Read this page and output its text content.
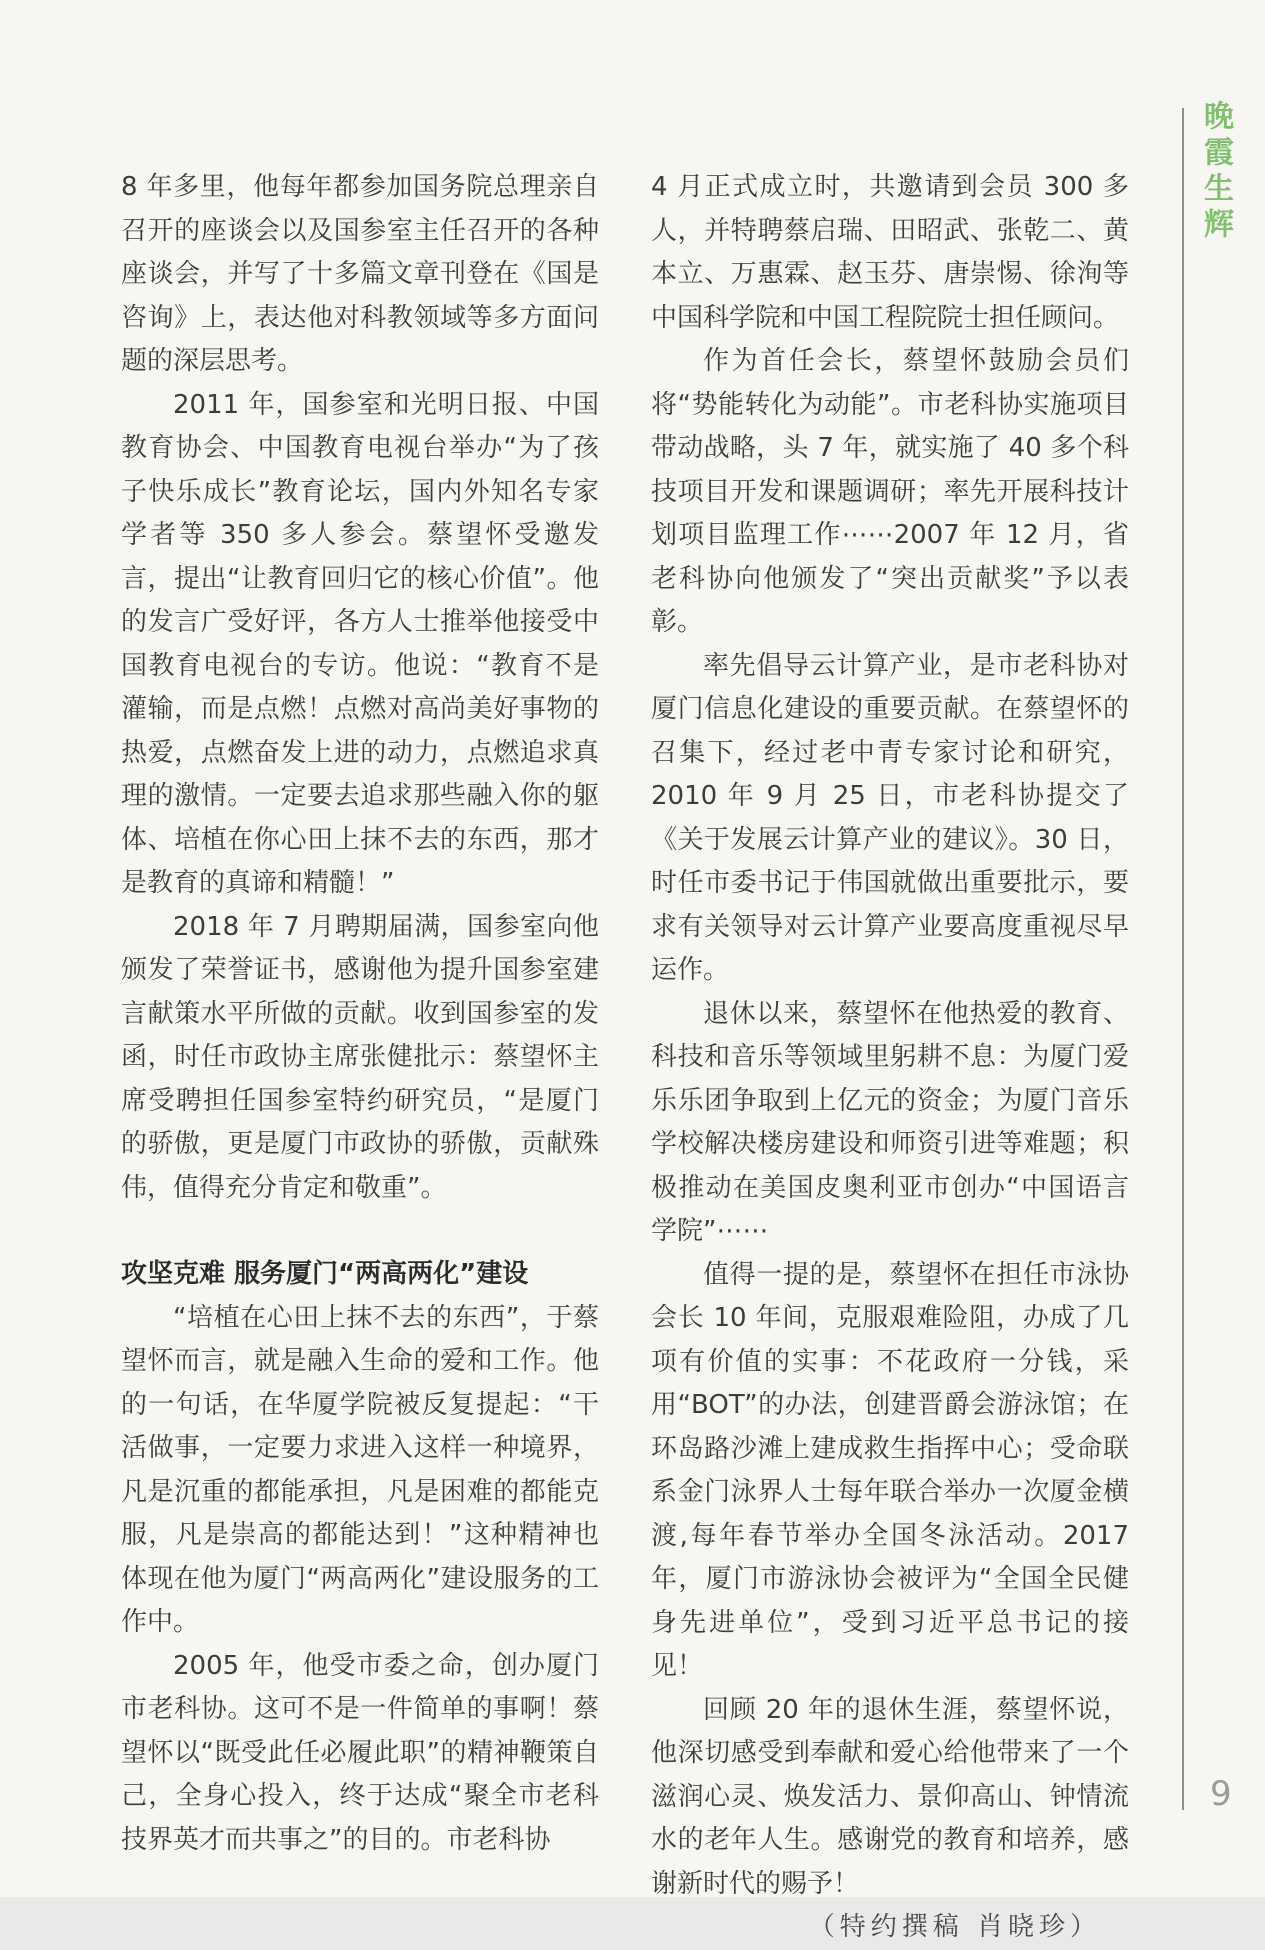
8 年多里，他每年都参加国务院总理亲自召开的座谈会以及国参室主任召开的各种座谈会，并写了十多篇文章刊登在《国是咨询》上，表达他对科教领域等多方面问题的深层思考。

2011 年，国参室和光明日报、中国教育协会、中国教育电视台举办“为了孩子快乐成长”教育论坛，国内外知名专家学者等 350 多人参会。蔡望怀受邀发言，提出“让教育回归它的核心价值”。他的发言广受好评，各方人士推举他接受中国教育电视台的专访。他说：“教育不是灌输，而是点燃！点燃对高尚美好事物的热爱，点燃奋发上进的动力，点燃追求真理的激情。一定要去追求那些融入你的躯体、培植在你心田上抹不去的东西，那才是教育的真谛和精髓！”

2018 年 7 月聘期届满，国参室向他颁发了荣誉证书，感谢他为提升国参室建言献策水平所做的贡献。收到国参室的发函，时任市政协主席张健批示：蔡望怀主席受聘担任国参室特约研究员，“是厦门的骄傲，更是厦门市政协的骄傲，贡献殊伟，值得充分肯定和敬重”。

攻坚克难 服务厦门“两高两化”建设

“培植在心田上抹不去的东西”，于蔡望怀而言，就是融入生命的爱和工作。他的一句话，在华厦学院被反复提起：“干活做事，一定要力求进入这样一种境界，凡是沉重的都能承担，凡是困难的都能克服，凡是崇高的都能达到！”这种精神也体现在他为厦门“两高两化”建设服务的工作中。

2005 年，他受市委之命，创办厦门市老科协。这可不是一件简单的事啊！蔡望怀以“既受此任必履此职”的精神鞭策自己，全身心投入，终于达成“聚全市老科技界英才而共事之”的目的。市老科协

4 月正式成立时，共邀请到会员 300 多人，并特聘蔡启瑞、田昭武、张乾二、黄本立、万惠霖、赵玉芬、唐崇惕、徐洵等中国科学院和中国工程院院士担任顾问。

作为首任会长，蔡望怀鼓励会员们将“势能转化为动能”。市老科协实施项目带动战略，头 7 年，就实施了 40 多个科技项目开发和课题调研；率先开展科技计划项目监理工作⋯⋯2007 年 12 月，省老科协向他颁发了“突出贡献奖”予以表彰。

率先倡导云计算产业，是市老科协对厦门信息化建设的重要贡献。在蔡望怀的召集下，经过老中青专家讨论和研究，2010 年 9 月 25 日，市老科协提交了《关于发展云计算产业的建议》。30 日，时任市委书记于伟国就做出重要批示，要求有关领导对云计算产业要高度重视尽早运作。

退休以来，蔡望怀在他热爱的教育、科技和音乐等领域里躬耕不息：为厦门爱乐乐团争取到上亿元的资金；为厦门音乐学校解决楼房建设和师资引进等难题；积极推动在美国皮奥利亚市创办“中国语言学院”⋯⋯

值得一提的是，蔡望怀在担任市泳协会长 10 年间，克服艰难险阻，办成了几项有价值的实事：不花政府一分钱，采用“BOT”的办法，创建晋爵会游泳馆；在环岛路沙滩上建成救生指挥中心；受命联系金门泳界人士每年联合举办一次厦金横渡,每年春节举办全国冬泳活动。2017 年，厦门市游泳协会被评为“全国全民健身先进单位”，受到习近平总书记的接见！

回顾 20 年的退休生涯，蔡望怀说，他深切感受到奉献和爱心给他带来了一个滋润心灵、焕发活力、景仰高山、钟情流水的老年人生。感谢党的教育和培养，感谢新时代的赐予！

（特约撰稿 肖晓珍）

晚霞生辉
9
